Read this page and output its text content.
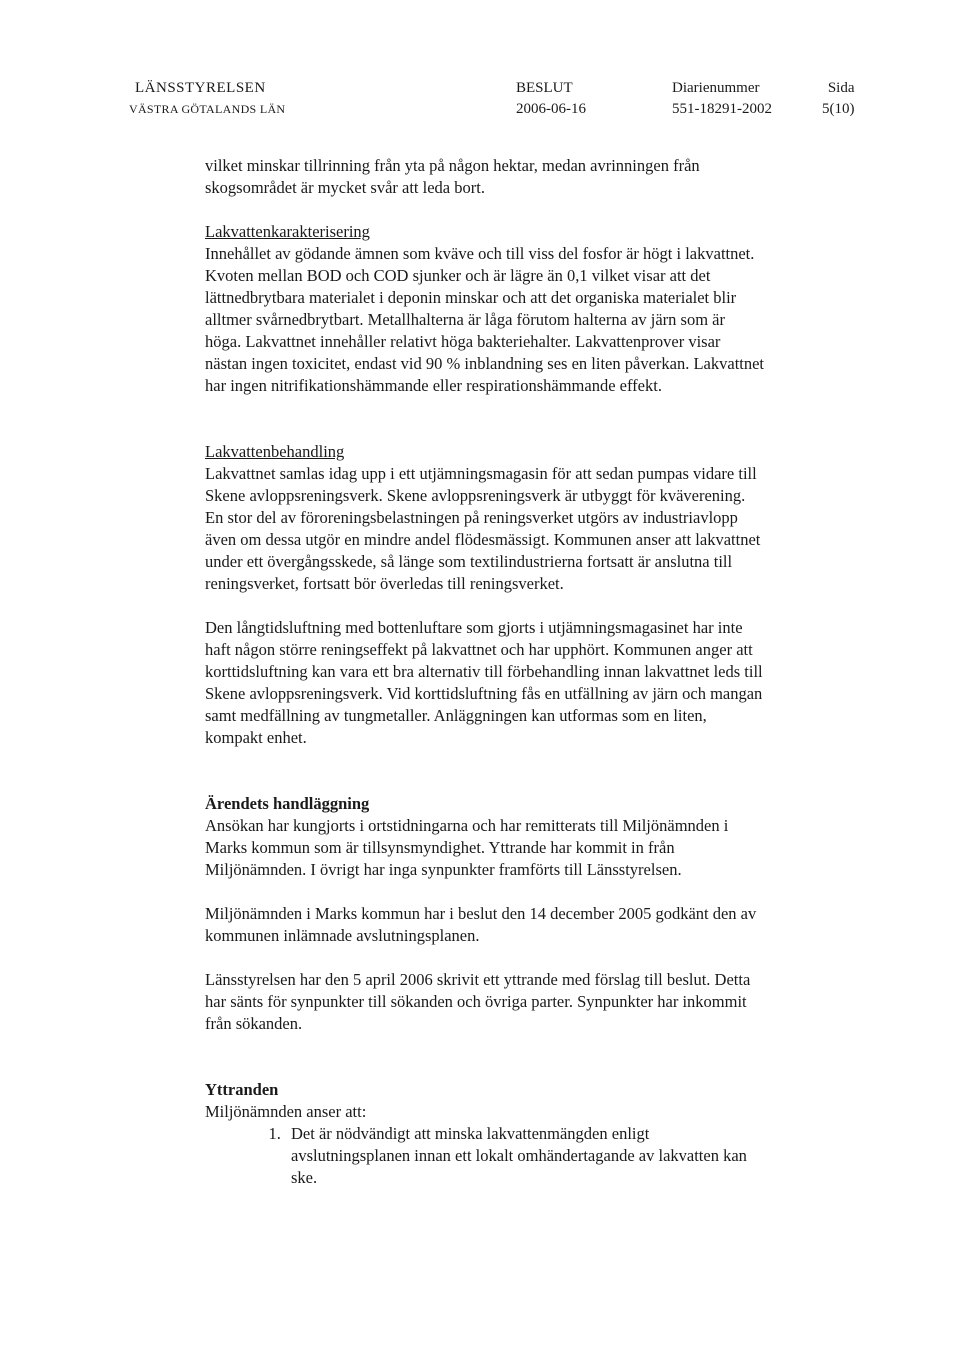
LÄNSSTYRELSEN
VÄSTRA GÖTALANDS LÄN
BESLUT
2006-06-16
Diarienummer
551-18291-2002
Sida
5(10)

vilket minskar tillrinning från yta på någon hektar, medan avrinningen från skogsområdet är mycket svår att leda bort.

Lakvattenkarakterisering

Innehållet av gödande ämnen som kväve och till viss del fosfor är högt i lakvattnet. Kvoten mellan BOD och COD sjunker och är lägre än 0,1 vilket visar att det lättnedbrytbara materialet i deponin minskar och att det organiska materialet blir alltmer svårnedbrytbart. Metallhalterna är låga förutom halterna av järn som är höga. Lakvattnet innehåller relativt höga bakteriehalter. Lakvattenprover visar nästan ingen toxicitet, endast vid 90 % inblandning ses en liten påverkan. Lakvattnet har ingen nitrifikationshämmande eller respirationshämmande effekt.

Lakvattenbehandling

Lakvattnet samlas idag upp i ett utjämningsmagasin för att sedan pumpas vidare till Skene avloppsreningsverk. Skene avloppsreningsverk är utbyggt för kväverening. En stor del av föroreningsbelastningen på reningsverket utgörs av industriavlopp även om dessa utgör en mindre andel flödesmässigt. Kommunen anser att lakvattnet under ett övergångsskede, så länge som textilindustrierna fortsatt är anslutna till reningsverket, fortsatt bör överledas till reningsverket.

Den långtidsluftning med bottenluftare som gjorts i utjämningsmagasinet har inte haft någon större reningseffekt på lakvattnet och har upphört. Kommunen anger att korttidsluftning kan vara ett bra alternativ till förbehandling innan lakvattnet leds till Skene avloppsreningsverk. Vid korttidsluftning fås en utfällning av järn och mangan samt medfällning av tungmetaller. Anläggningen kan utformas som en liten, kompakt enhet.

Ärendets handläggning

Ansökan har kungjorts i ortstidningarna och har remitterats till Miljönämnden i Marks kommun som är tillsynsmyndighet. Yttrande har kommit in från Miljönämnden. I övrigt har inga synpunkter framförts till Länsstyrelsen.

Miljönämnden i Marks kommun har i beslut den 14 december 2005 godkänt den av kommunen inlämnade avslutningsplanen.

Länsstyrelsen har den 5 april 2006 skrivit ett yttrande med förslag till beslut. Detta har sänts för synpunkter till sökanden och övriga parter. Synpunkter har inkommit från sökanden.

Yttranden
Miljönämnden anser att:
1. Det är nödvändigt att minska lakvattenmängden enligt avslutningsplanen innan ett lokalt omhändertagande av lakvatten kan ske.
